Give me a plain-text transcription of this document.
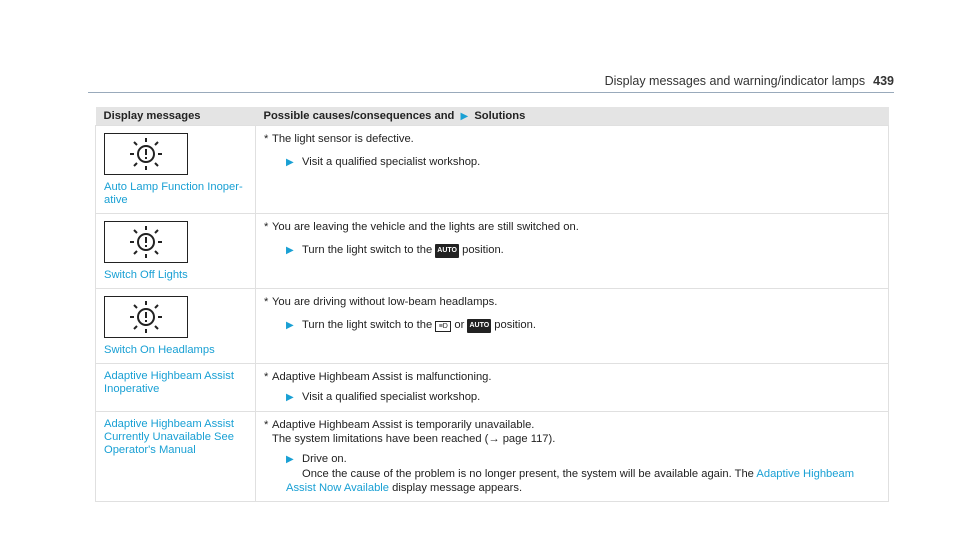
Display messages and warning/indicator lamps 439
Display messages	Possible causes/consequences and ▶ Solutions

Auto Lamp Function Inoper-ative	* The light sensor is defective.
▶ Visit a qualified specialist workshop.

Switch Off Lights	* You are leaving the vehicle and the lights are still switched on.
▶ Turn the light switch to the AUTO position.

Switch On Headlamps	* You are driving without low-beam headlamps.
▶ Turn the light switch to the ≡D or AUTO position.

Adaptive Highbeam Assist Inoperative	* Adaptive Highbeam Assist is malfunctioning.
▶ Visit a qualified specialist workshop.

Adaptive Highbeam Assist Currently Unavailable See Operator's Manual	* Adaptive Highbeam Assist is temporarily unavailable.
The system limitations have been reached (→ page 117).
▶ Drive on.
Once the cause of the problem is no longer present, the system will be available again. The Adaptive Highbeam Assist Now Available display message appears.
